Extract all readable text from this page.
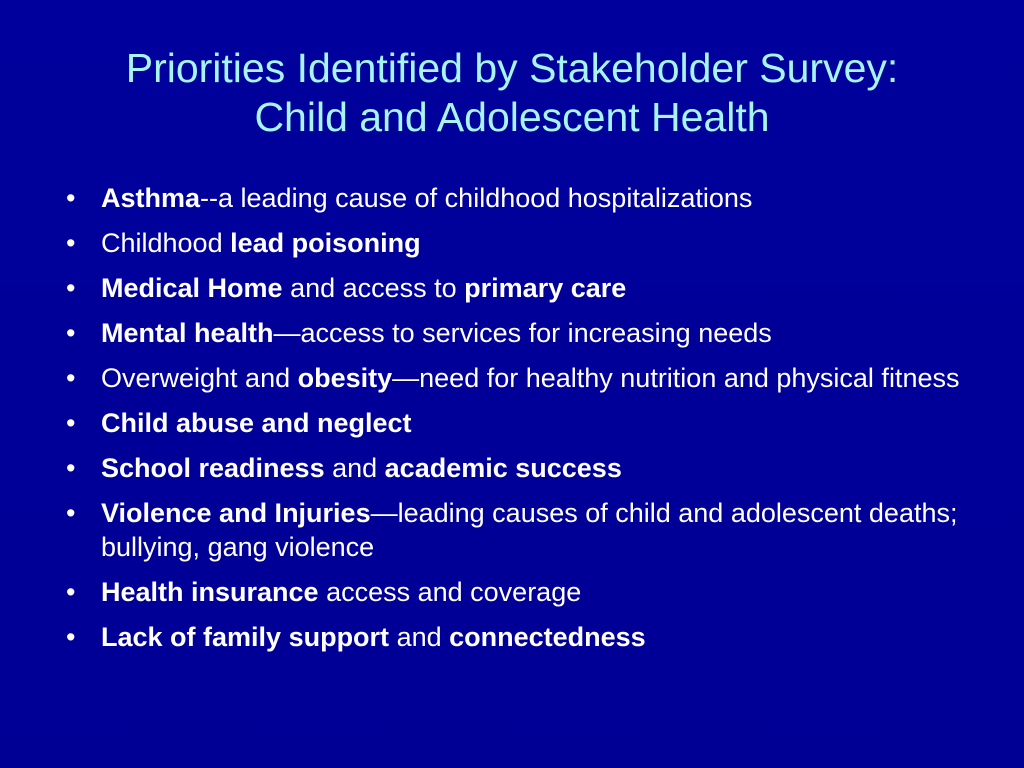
Priorities Identified by Stakeholder Survey:
Child and Adolescent Health
• Asthma--a leading cause of childhood hospitalizations
• Childhood lead poisoning
• Medical Home and access to primary care
• Mental health—access to services for increasing needs
• Overweight and obesity—need for healthy nutrition and physical fitness
• Child abuse and neglect
• School readiness and academic success
• Violence and Injuries—leading causes of child and adolescent deaths; bullying, gang violence
• Health insurance access and coverage
• Lack of family support and connectedness
